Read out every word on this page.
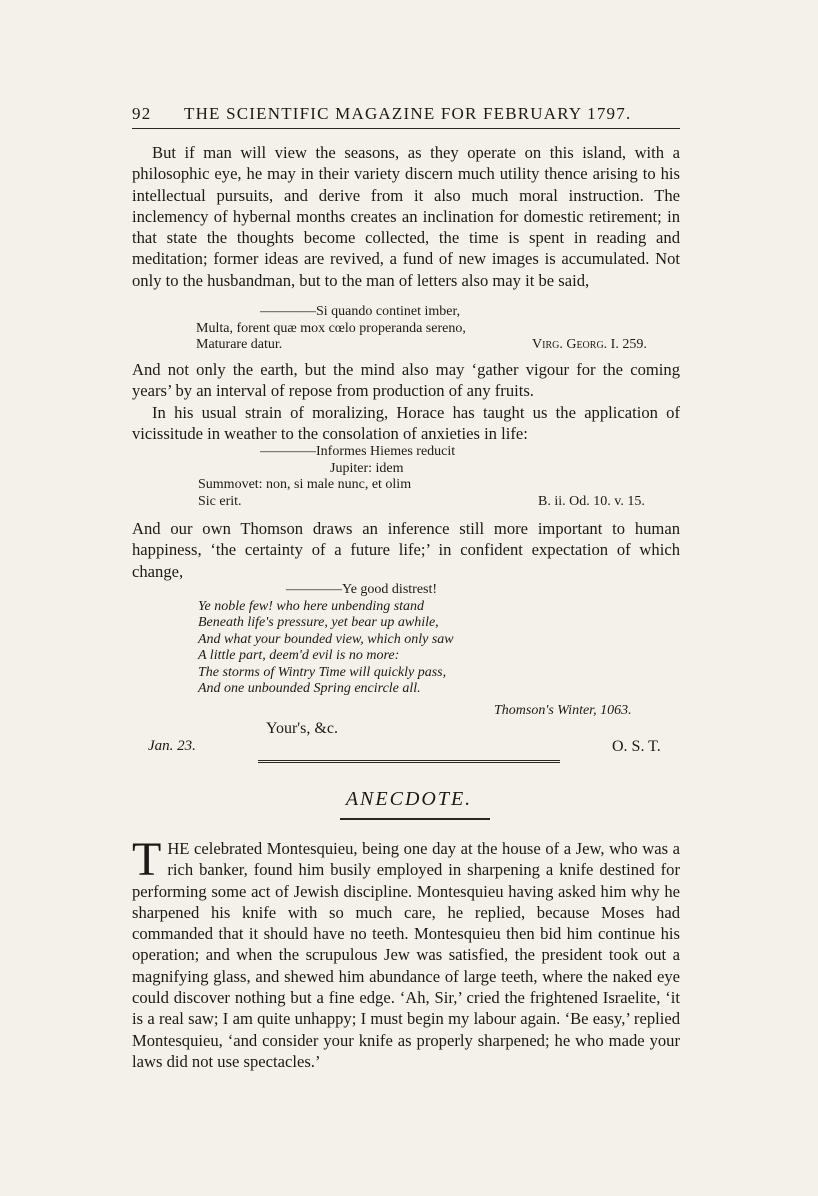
92 THE SCIENTIFIC MAGAZINE FOR FEBRUARY 1797.

But if man will view the seasons, as they operate on this island, with a philosophic eye, he may in their variety discern much utility thence arising to his intellectual pursuits, and derive from it also much moral instruction. The inclemency of hybernal months creates an inclination for domestic retirement; in that state the thoughts become collected, the time is spent in reading and meditation; former ideas are revived, a fund of new images is accumulated. Not only to the husbandman, but to the man of letters also may it be said,

————Si quando continet imber,
Multa, forent quæ mox cœlo properanda sereno,
Maturare datur.	Virg. Georg. I. 259.

And not only the earth, but the mind also may ‘gather vigour for the coming years’ by an interval of repose from production of any fruits.

In his usual strain of moralizing, Horace has taught us the application of vicissitude in weather to the consolation of anxieties in life:

————Informes Hiemes reducit
Jupiter: idem
Summovet: non, si male nunc, et olim
Sic erit.	B. ii. Od. 10. v. 15.

And our own Thomson draws an inference still more important to human happiness, ‘the certainty of a future life;’ in confident expectation of which change,

————Ye good distrest!
Ye noble few! who here unbending stand
Beneath life's pressure, yet bear up awhile,
And what your bounded view, which only saw
A little part, deem'd evil is no more:
The storms of Wintry Time will quickly pass,
And one unbounded Spring encircle all.
Thomson's Winter, 1063.
Your's, &c.
Jan. 23.	O. S. T.
ANECDOTE.

THE celebrated Montesquieu, being one day at the house of a Jew, who was a rich banker, found him busily employed in sharpening a knife destined for performing some act of Jewish discipline. Montesquieu having asked him why he sharpened his knife with so much care, he replied, because Moses had commanded that it should have no teeth. Montesquieu then bid him continue his operation; and when the scrupulous Jew was satisfied, the president took out a magnifying glass, and shewed him abundance of large teeth, where the naked eye could discover nothing but a fine edge. ‘Ah, Sir,’ cried the frightened Israelite, ‘it is a real saw; I am quite unhappy; I must begin my labour again. ‘Be easy,’ replied Montesquieu, ‘and consider your knife as properly sharpened; he who made your laws did not use spectacles.’
